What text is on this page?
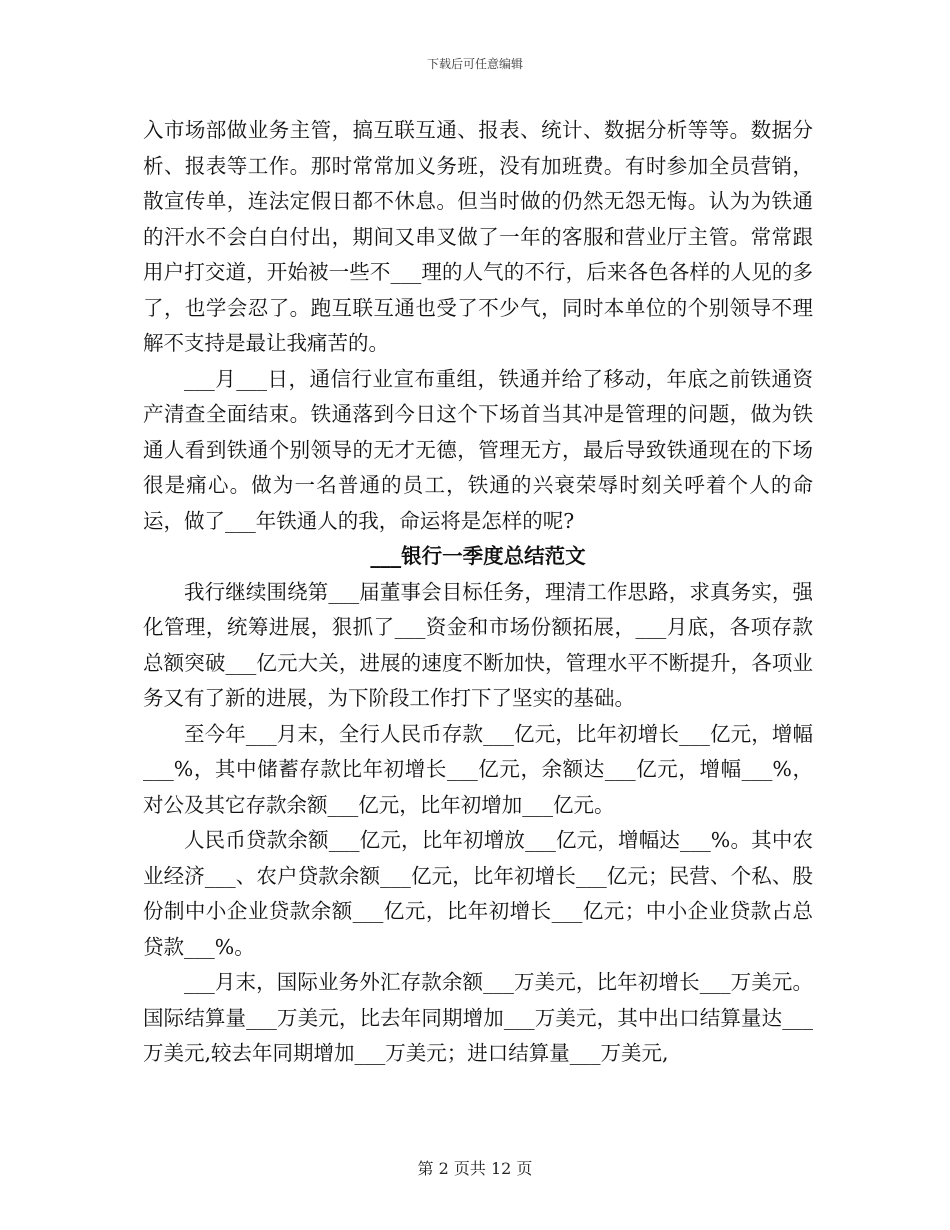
下载后可任意编辑

入市场部做业务主管，搞互联互通、报表、统计、数据分析等等。数据分析、报表等工作。那时常常加义务班，没有加班费。有时参加全员营销，散宣传单，连法定假日都不休息。但当时做的仍然无怨无悔。认为为铁通的汗水不会白白付出，期间又串叉做了一年的客服和营业厅主管。常常跟用户打交道，开始被一些不___理的人气的不行，后来各色各样的人见的多了，也学会忍了。跑互联互通也受了不少气，同时本单位的个别领导不理解不支持是最让我痛苦的。

___月___日，通信行业宣布重组，铁通并给了移动，年底之前铁通资产清查全面结束。铁通落到今日这个下场首当其冲是管理的问题，做为铁通人看到铁通个别领导的无才无德，管理无方，最后导致铁通现在的下场很是痛心。做为一名普通的员工，铁通的兴衰荣辱时刻关呼着个人的命运，做了___年铁通人的我，命运将是怎样的呢?

___银行一季度总结范文

我行继续围绕第___届董事会目标任务，理清工作思路，求真务实，强化管理，统筹进展，狠抓了___资金和市场份额拓展，___月底，各项存款总额突破___亿元大关，进展的速度不断加快，管理水平不断提升，各项业务又有了新的进展，为下阶段工作打下了坚实的基础。

至今年___月末，全行人民币存款___亿元，比年初增长___亿元，增幅___%，其中储蓄存款比年初增长___亿元，余额达___亿元，增幅___%，对公及其它存款余额___亿元，比年初增加___亿元。

人民币贷款余额___亿元，比年初增放___亿元，增幅达___%。其中农业经济___、农户贷款余额___亿元，比年初增长___亿元；民营、个私、股份制中小企业贷款余额___亿元，比年初增长___亿元；中小企业贷款占总贷款___%。

___月末，国际业务外汇存款余额___万美元，比年初增长___万美元。国际结算量___万美元，比去年同期增加___万美元，其中出口结算量达___万美元,较去年同期增加___万美元；进口结算量___万美元,

第 2 页共 12 页
